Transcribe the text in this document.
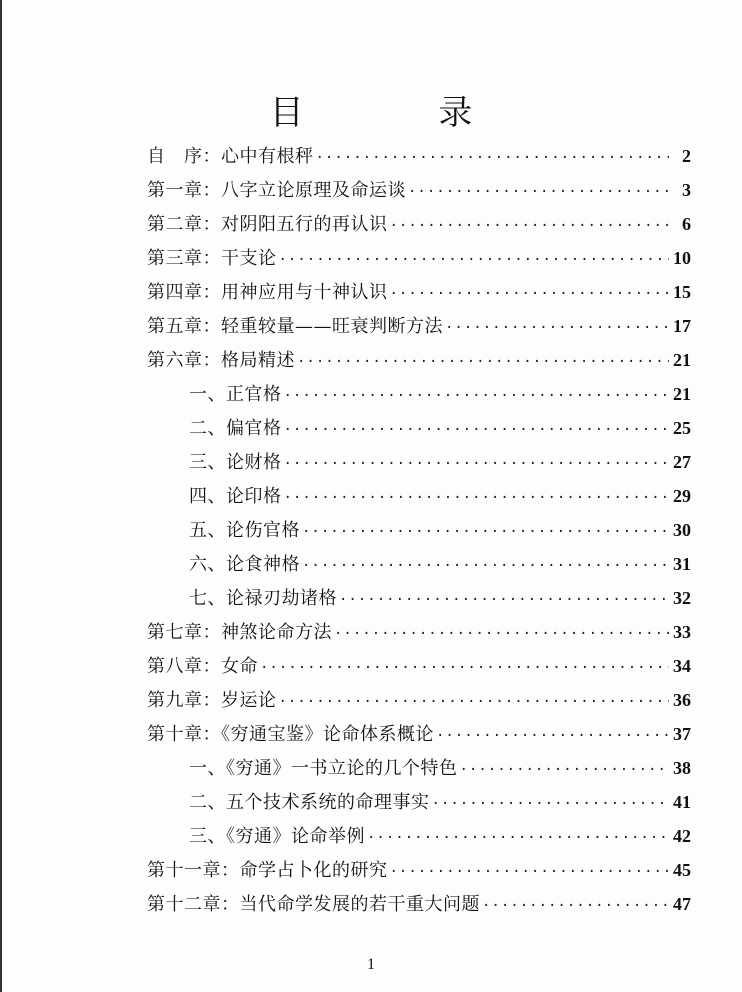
目 录
自　序：心中有根秤 ·····	2
第一章：八字立论原理及命运谈 ·····	3
第二章：对阴阳五行的再认识 ·····	6
第三章：干支论 ·····	10
第四章：用神应用与十神认识 ·····	15
第五章：轻重较量——旺衰判断方法 ·····	17
第六章：格局精述 ·····	21
一、正官格 ·····	21
二、偏官格 ·····	25
三、论财格 ·····	27
四、论印格 ·····	29
五、论伤官格 ·····	30
六、论食神格 ·····	31
七、论禄刃劫诸格 ·····	32
第七章：神煞论命方法 ·····	33
第八章：女命 ·····	34
第九章：岁运论 ·····	36
第十章：《穷通宝鉴》论命体系概论 ·····	37
一、《穷通》一书立论的几个特色 ·····	38
二、五个技术系统的命理事实 ·····	41
三、《穷通》论命举例 ·····	42
第十一章：命学占卜化的研究 ·····	45
第十二章：当代命学发展的若干重大问题 ·····	47
1
